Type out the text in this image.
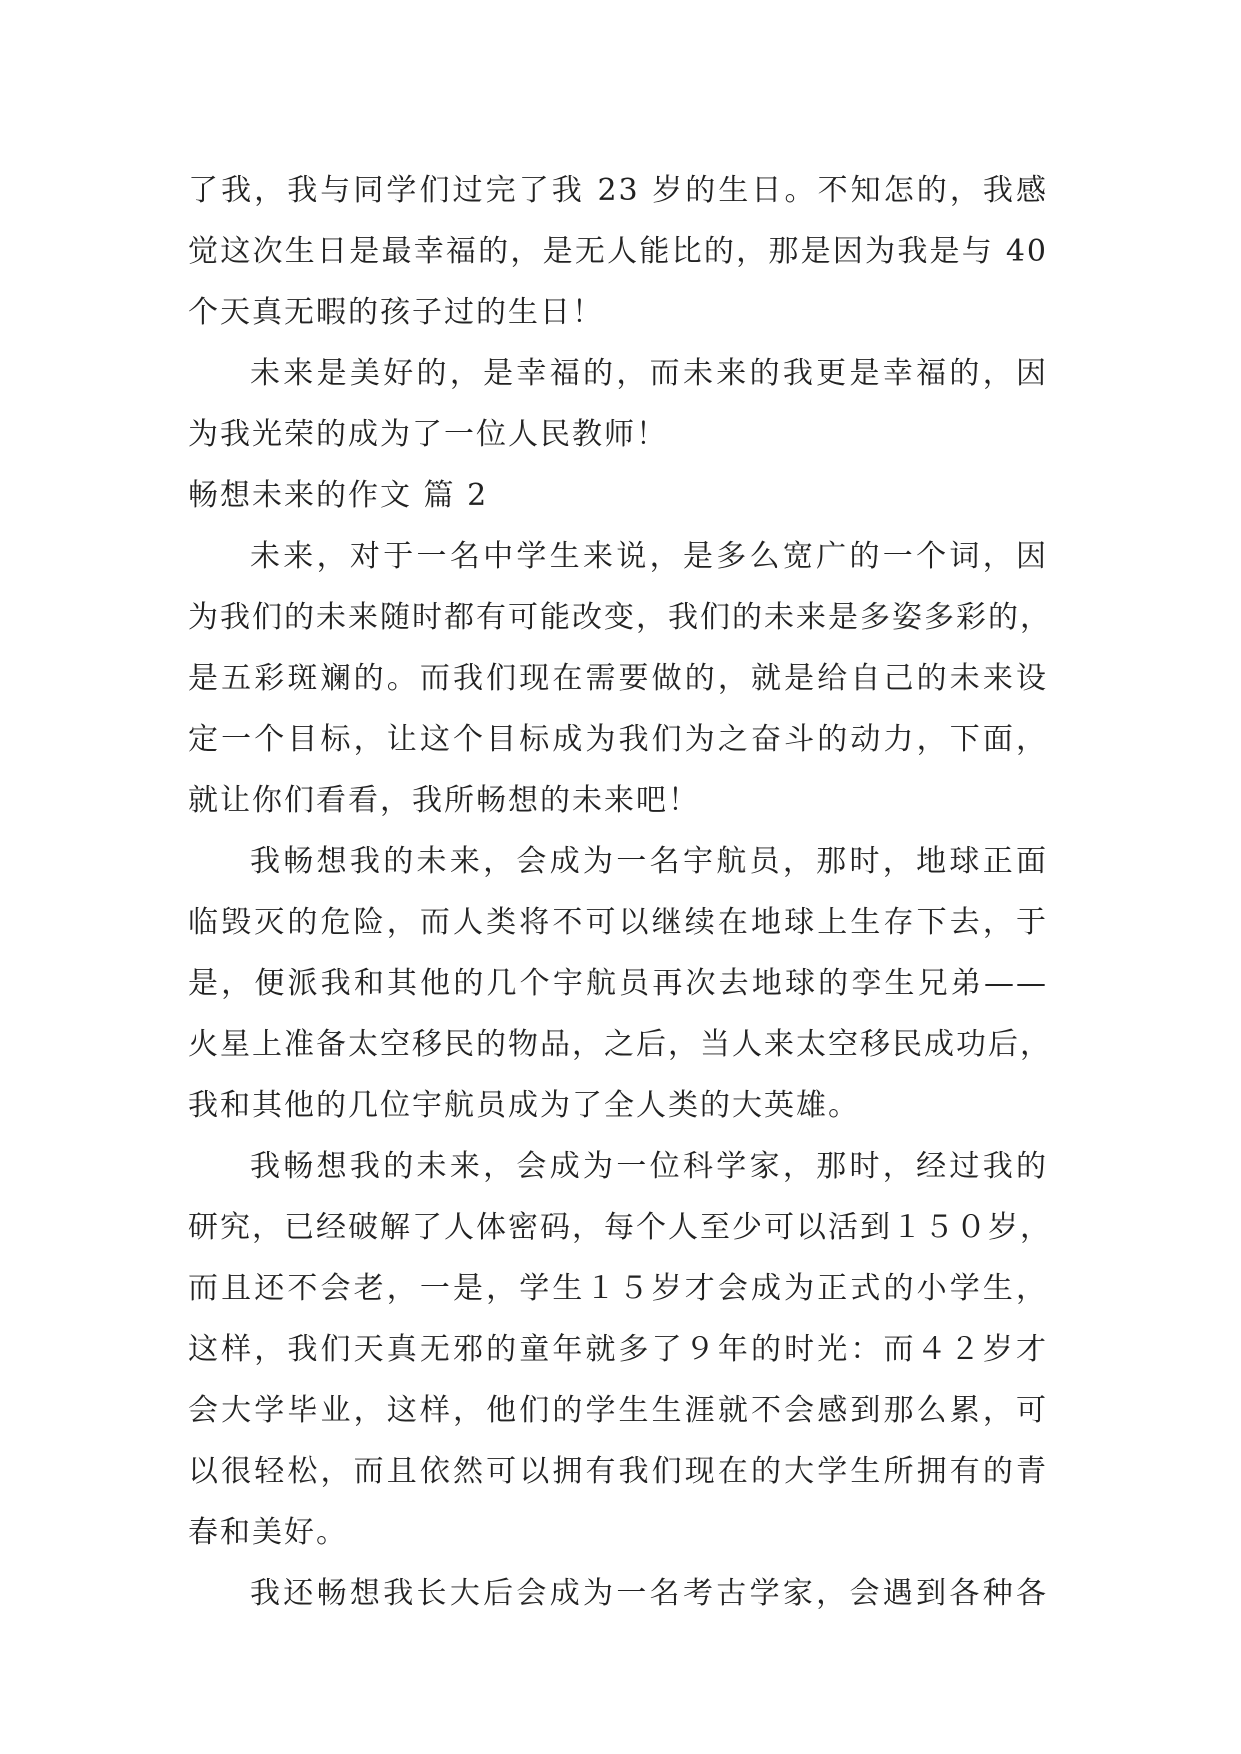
了我，我与同学们过完了我 23 岁的生日。不知怎的，我感
觉这次生日是最幸福的，是无人能比的，那是因为我是与 40
个天真无暇的孩子过的生日！
未来是美好的，是幸福的，而未来的我更是幸福的，因
为我光荣的成为了一位人民教师！
畅想未来的作文 篇 2
未来，对于一名中学生来说，是多么宽广的一个词，因
为我们的未来随时都有可能改变，我们的未来是多姿多彩的，
是五彩斑斓的。而我们现在需要做的，就是给自己的未来设
定一个目标，让这个目标成为我们为之奋斗的动力，下面，
就让你们看看，我所畅想的未来吧！
我畅想我的未来，会成为一名宇航员，那时，地球正面
临毁灭的危险，而人类将不可以继续在地球上生存下去，于
是，便派我和其他的几个宇航员再次去地球的孪生兄弟——
火星上准备太空移民的物品，之后，当人来太空移民成功后，
我和其他的几位宇航员成为了全人类的大英雄。
我畅想我的未来，会成为一位科学家，那时，经过我的
研究，已经破解了人体密码，每个人至少可以活到１５０岁，
而且还不会老，一是，学生１５岁才会成为正式的小学生，
这样，我们天真无邪的童年就多了９年的时光：而４２岁才
会大学毕业，这样，他们的学生生涯就不会感到那么累，可
以很轻松，而且依然可以拥有我们现在的大学生所拥有的青
春和美好。
我还畅想我长大后会成为一名考古学家，会遇到各种各
